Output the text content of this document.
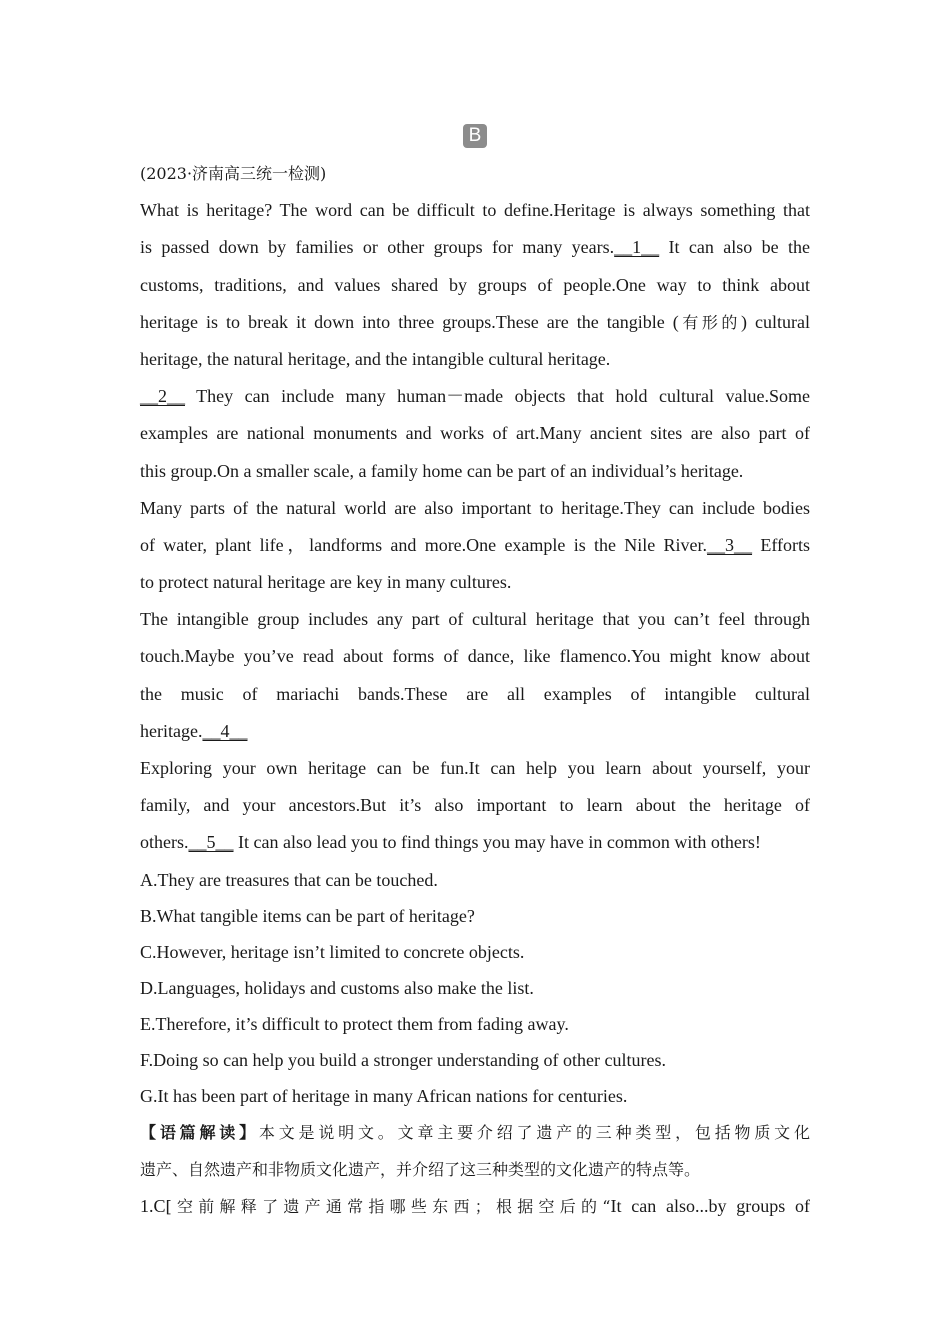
B
(2023·济南高三统一检测)
What is heritage? The word can be difficult to define.Heritage is always something that
is passed down by families or other groups for many years.__1__ It can also be the
customs, traditions, and values shared by groups of people.One way to think about
heritage is to break it down into three groups.These are the tangible (有形的) cultural
heritage, the natural heritage, and the intangible cultural heritage.
__2__ They can include many human－made objects that hold cultural value.Some
examples are national monuments and works of art.Many ancient sites are also part of
this group.On a smaller scale, a family home can be part of an individual’s heritage.
Many parts of the natural world are also important to heritage.They can include bodies
of water, plant life，landforms and more.One example is the Nile River.__3__ Efforts
to protect natural heritage are key in many cultures.
The intangible group includes any part of cultural heritage that you can’t feel through
touch.Maybe you’ve read about forms of dance, like flamenco.You might know about
the music of mariachi bands.These are all examples of intangible cultural
heritage.__4__
Exploring your own heritage can be fun.It can help you learn about yourself, your
family, and your ancestors.But it’s also important to learn about the heritage of
others.__5__ It can also lead you to find things you may have in common with others!
A.They are treasures that can be touched.
B.What tangible items can be part of heritage?
C.However, heritage isn’t limited to concrete objects.
D.Languages, holidays and customs also make the list.
E.Therefore, it’s difficult to protect them from fading away.
F.Doing so can help you build a stronger understanding of other cultures.
G.It has been part of heritage in many African nations for centuries.
【语篇解读】本文是说明文。文章主要介绍了遗产的三种类型，包括物质文化
遗产、自然遗产和非物质文化遗产，并介绍了这三种类型的文化遗产的特点等。
1.C[空前解释了遗产通常指哪些东西；根据空后的“It can also...by groups of
